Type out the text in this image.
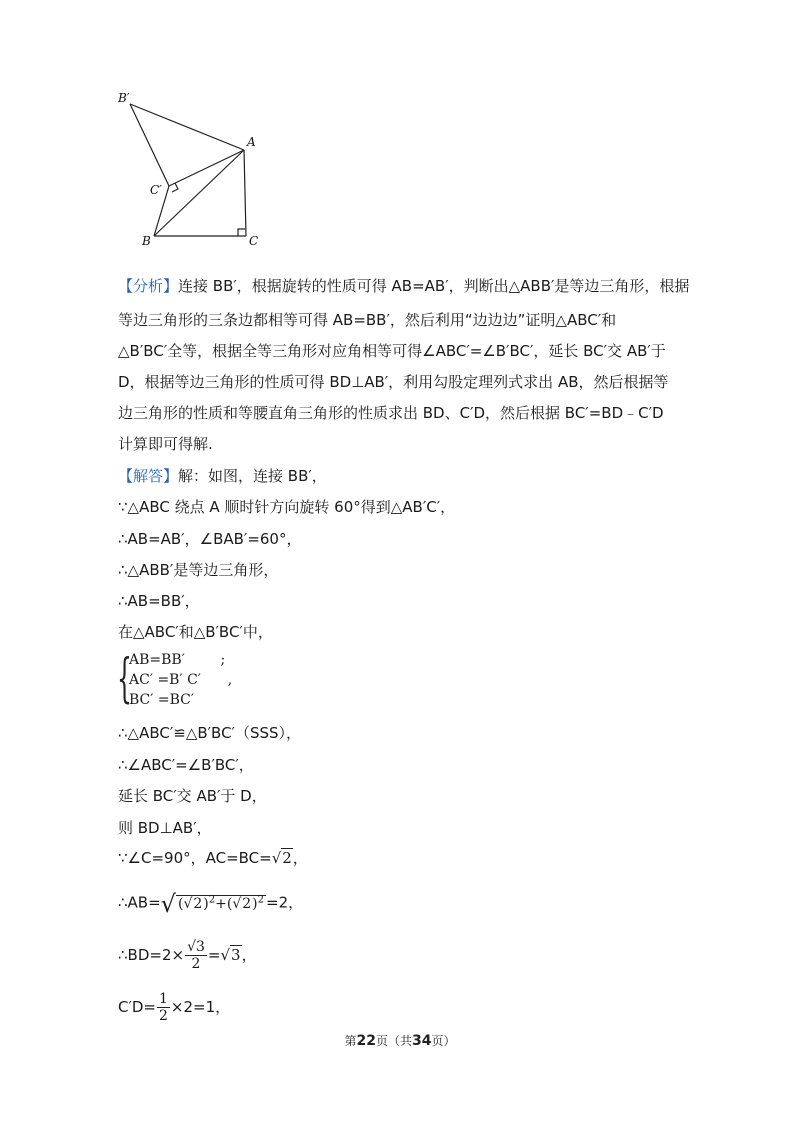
B′
A
C′
B	C
【分析】连接 BB′，根据旋转的性质可得 AB=AB′，判断出△ABB′是等边三角形，根据
等边三角形的三条边都相等可得 AB=BB′，然后利用“边边边”证明△ABC′和
△B′BC′全等，根据全等三角形对应角相等可得∠ABC′=∠B′BC′，延长 BC′交 AB′于
D，根据等边三角形的性质可得 BD⊥AB′，利用勾股定理列式求出 AB，然后根据等
边三角形的性质和等腰直角三角形的性质求出 BD、C′D，然后根据 BC′=BD﹣C′D
计算即可得解.
【解答】解：如图，连接 BB′，
∵△ABC 绕点 A 顺时针方向旋转 60°得到△AB′C′，
∴AB=AB′，∠BAB′=60°，
∴△ABB′是等边三角形，
∴AB=BB′，
在△ABC′和△B′BC′中，
{
AB=BB′        ;
AC′ =B′ C′      ,
BC′ =BC′
∴△ABC′≌△B′BC′（SSS），
∴∠ABC′=∠B′BC′，
延长 BC′交 AB′于 D，
则 BD⊥AB′，
∵∠C=90°，AC=BC=√2，
∴AB=√ $(√2)^2+(√2)^2 =2$，
∴BD=2× $\frac{√3}{2} =√3$，
$C'D= \frac{1}{2} \times 2=1$，
第22页（共34页）
